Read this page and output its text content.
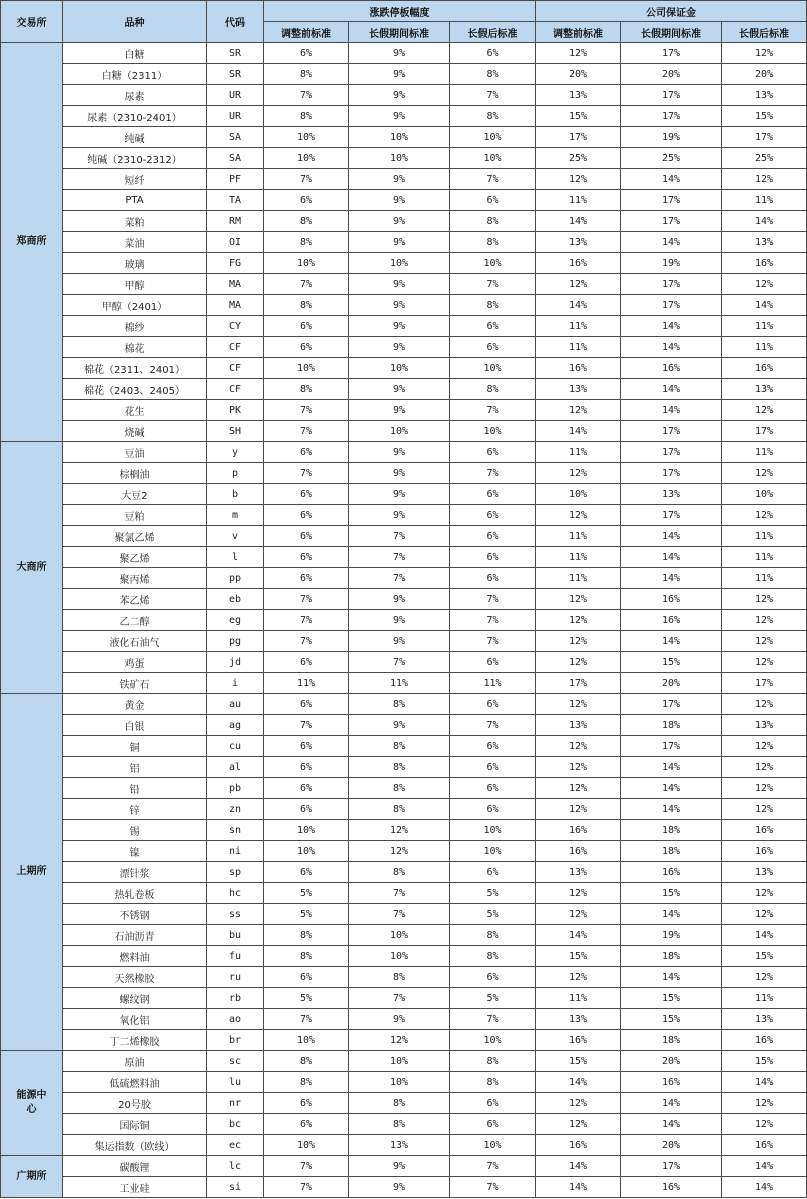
交易所	品种	代码	涨跌停板幅度			公司保证金		
			调整前标准	长假期间标准	长假后标准	调整前标准	长假期间标准	长假后标准
郑商所	白糖	SR	6%	9%	6%	12%	17%	12%
	白糖（2311）	SR	8%	9%	8%	20%	20%	20%
	尿素	UR	7%	9%	7%	13%	17%	13%
	尿素（2310-2401）	UR	8%	9%	8%	15%	17%	15%
	纯碱	SA	10%	10%	10%	17%	19%	17%
	纯碱（2310-2312）	SA	10%	10%	10%	25%	25%	25%
	短纤	PF	7%	9%	7%	12%	14%	12%
	PTA	TA	6%	9%	6%	11%	17%	11%
	菜粕	RM	8%	9%	8%	14%	17%	14%
	菜油	OI	8%	9%	8%	13%	14%	13%
	玻璃	FG	10%	10%	10%	16%	19%	16%
	甲醇	MA	7%	9%	7%	12%	17%	12%
	甲醇（2401）	MA	8%	9%	8%	14%	17%	14%
	棉纱	CY	6%	9%	6%	11%	14%	11%
	棉花	CF	6%	9%	6%	11%	14%	11%
	棉花（2311、2401）	CF	10%	10%	10%	16%	16%	16%
	棉花（2403、2405）	CF	8%	9%	8%	13%	14%	13%
	花生	PK	7%	9%	7%	12%	14%	12%
	烧碱	SH	7%	10%	10%	14%	17%	17%
大商所	豆油	y	6%	9%	6%	11%	17%	11%
	棕榈油	p	7%	9%	7%	12%	17%	12%
	大豆2	b	6%	9%	6%	10%	13%	10%
	豆粕	m	6%	9%	6%	12%	17%	12%
	聚氯乙烯	v	6%	7%	6%	11%	14%	11%
	聚乙烯	l	6%	7%	6%	11%	14%	11%
	聚丙烯	pp	6%	7%	6%	11%	14%	11%
	苯乙烯	eb	7%	9%	7%	12%	16%	12%
	乙二醇	eg	7%	9%	7%	12%	16%	12%
	液化石油气	pg	7%	9%	7%	12%	14%	12%
	鸡蛋	jd	6%	7%	6%	12%	15%	12%
	铁矿石	i	11%	11%	11%	17%	20%	17%
上期所	黄金	au	6%	8%	6%	12%	17%	12%
	白银	ag	7%	9%	7%	13%	18%	13%
	铜	cu	6%	8%	6%	12%	17%	12%
	铝	al	6%	8%	6%	12%	14%	12%
	铅	pb	6%	8%	6%	12%	14%	12%
	锌	zn	6%	8%	6%	12%	14%	12%
	锡	sn	10%	12%	10%	16%	18%	16%
	镍	ni	10%	12%	10%	16%	18%	16%
	漂针浆	sp	6%	8%	6%	13%	16%	13%
	热轧卷板	hc	5%	7%	5%	12%	15%	12%
	不锈钢	ss	5%	7%	5%	12%	14%	12%
	石油沥青	bu	8%	10%	8%	14%	19%	14%
	燃料油	fu	8%	10%	8%	15%	18%	15%
	天然橡胶	ru	6%	8%	6%	12%	14%	12%
	螺纹钢	rb	5%	7%	5%	11%	15%	11%
	氧化铝	ao	7%	9%	7%	13%	15%	13%
	丁二烯橡胶	br	10%	12%	10%	16%	18%	16%
能源中心	原油	sc	8%	10%	8%	15%	20%	15%
	低硫燃料油	lu	8%	10%	8%	14%	16%	14%
	20号胶	nr	6%	8%	6%	12%	14%	12%
	国际铜	bc	6%	8%	6%	12%	14%	12%
	集运指数（欧线）	ec	10%	13%	10%	16%	20%	16%
广期所	碳酸锂	lc	7%	9%	7%	14%	17%	14%
	工业硅	si	7%	9%	7%	14%	16%	14%
